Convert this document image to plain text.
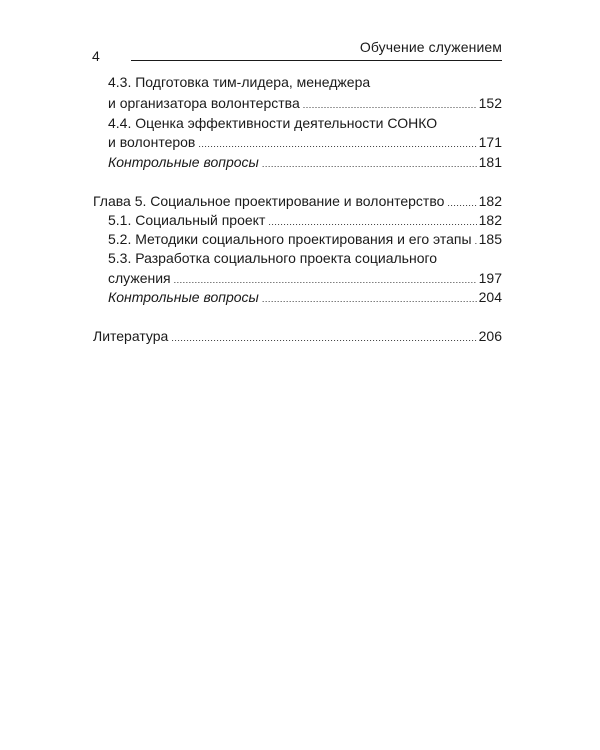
4
Обучение служением
4.3. Подготовка тим-лидера, менеджера
и организатора волонтерства .....	152
4.4. Оценка эффективности деятельности СОНКО
и волонтеров .....	171
Контрольные вопросы .....	181
Глава 5. Социальное проектирование и волонтерство ..... 182
5.1. Социальный проект .....	182
5.2. Методики социального проектирования и его этапы ..... 185
5.3. Разработка социального проекта социального
служения .....	197
Контрольные вопросы .....	204
Литература .....	206
